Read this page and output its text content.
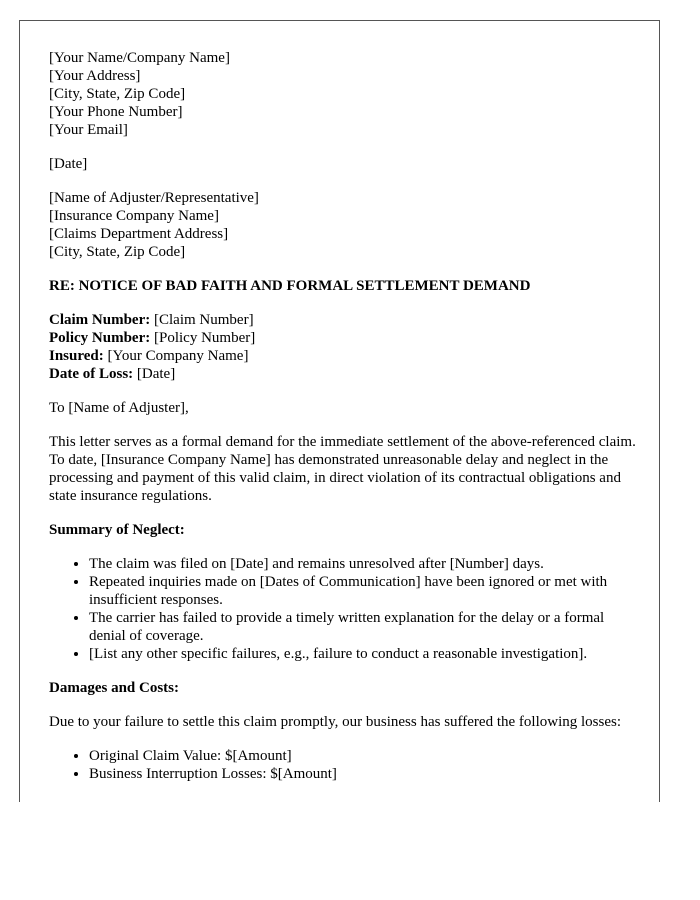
[Your Name/Company Name]
[Your Address]
[City, State, Zip Code]
[Your Phone Number]
[Your Email]
[Date]
[Name of Adjuster/Representative]
[Insurance Company Name]
[Claims Department Address]
[City, State, Zip Code]
RE: NOTICE OF BAD FAITH AND FORMAL SETTLEMENT DEMAND
Claim Number: [Claim Number]
Policy Number: [Policy Number]
Insured: [Your Company Name]
Date of Loss: [Date]

To [Name of Adjuster],

This letter serves as a formal demand for the immediate settlement of the above-referenced claim. To date, [Insurance Company Name] has demonstrated unreasonable delay and neglect in the processing and payment of this valid claim, in direct violation of its contractual obligations and state insurance regulations.

Summary of Neglect:
• The claim was filed on [Date] and remains unresolved after [Number] days.
• Repeated inquiries made on [Dates of Communication] have been ignored or met with insufficient responses.
• The carrier has failed to provide a timely written explanation for the delay or a formal denial of coverage.
• [List any other specific failures, e.g., failure to conduct a reasonable investigation].
Damages and Costs:

Due to your failure to settle this claim promptly, our business has suffered the following losses:

• Original Claim Value: $[Amount]
• Business Interruption Losses: $[Amount]
